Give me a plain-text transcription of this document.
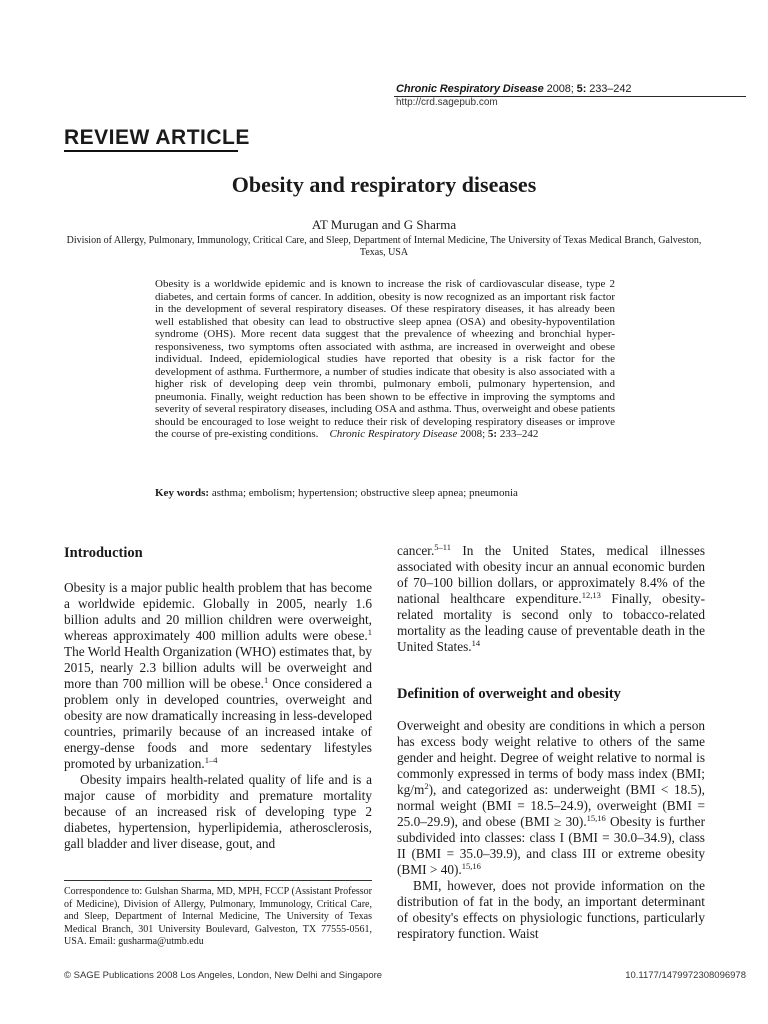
Chronic Respiratory Disease 2008; 5: 233–242
http://crd.sagepub.com
REVIEW ARTICLE
Obesity and respiratory diseases
AT Murugan and G Sharma
Division of Allergy, Pulmonary, Immunology, Critical Care, and Sleep, Department of Internal Medicine, The University of Texas Medical Branch, Galveston, Texas, USA
Obesity is a worldwide epidemic and is known to increase the risk of cardiovascular disease, type 2 diabetes, and certain forms of cancer. In addition, obesity is now recognized as an important risk factor in the development of several respiratory diseases. Of these respiratory diseases, it has already been well established that obesity can lead to obstructive sleep apnea (OSA) and obesity-hypoventilation syndrome (OHS). More recent data suggest that the prevalence of wheezing and bronchial hyper-responsiveness, two symptoms often associated with asthma, are increased in overweight and obese individual. Indeed, epidemiological studies have reported that obesity is a risk factor for the development of asthma. Furthermore, a number of studies indicate that obesity is also associated with a higher risk of developing deep vein thrombi, pulmonary emboli, pulmonary hypertension, and pneumonia. Finally, weight reduction has been shown to be effective in improving the symptoms and severity of several respiratory diseases, including OSA and asthma. Thus, overweight and obese patients should be encouraged to lose weight to reduce their risk of developing respiratory diseases or improve the course of pre-existing conditions. Chronic Respiratory Disease 2008; 5: 233–242
Key words: asthma; embolism; hypertension; obstructive sleep apnea; pneumonia
Introduction

Obesity is a major public health problem that has become a worldwide epidemic. Globally in 2005, nearly 1.6 billion adults and 20 million children were overweight, whereas approximately 400 million adults were obese.$^1$ The World Health Organization (WHO) estimates that, by 2015, nearly 2.3 billion adults will be overweight and more than 700 million will be obese.$^1$ Once considered a problem only in developed countries, overweight and obesity are now dramatically increasing in less-developed countries, primarily because of an increased intake of energy-dense foods and more sedentary lifestyles promoted by urbanization.$^{1-4}$

Obesity impairs health-related quality of life and is a major cause of morbidity and premature mortality because of an increased risk of developing type 2 diabetes, hypertension, hyperlipidemia, atherosclerosis, gall bladder and liver disease, gout, and

Correspondence to: Gulshan Sharma, MD, MPH, FCCP (Assistant Professor of Medicine), Division of Allergy, Pulmonary, Immunology, Critical Care, and Sleep, Department of Internal Medicine, The University of Texas Medical Branch, 301 University Boulevard, Galveston, TX 77555-0561, USA. Email: gusharma@utmb.edu

cancer.$^{5-11}$ In the United States, medical illnesses associated with obesity incur an annual economic burden of 70–100 billion dollars, or approximately 8.4% of the national healthcare expenditure.$^{12,13}$ Finally, obesity-related mortality is second only to tobacco-related mortality as the leading cause of preventable death in the United States.$^{14}$

Definition of overweight and obesity

Overweight and obesity are conditions in which a person has excess body weight relative to others of the same gender and height. Degree of weight relative to normal is commonly expressed in terms of body mass index (BMI; $kg/m^2$), and categorized as: underweight (BMI < 18.5), normal weight (BMI = 18.5–24.9), overweight (BMI = 25.0–29.9), and obese (BMI ≥ 30).$^{15,16}$ Obesity is further subdivided into classes: class I (BMI = 30.0–34.9), class II (BMI = 35.0–39.9), and class III or extreme obesity (BMI > 40).$^{15,16}$

BMI, however, does not provide information on the distribution of fat in the body, an important determinant of obesity's effects on physiologic functions, particularly respiratory function. Waist

© SAGE Publications 2008 Los Angeles, London, New Delhi and Singapore	10.1177/1479972308096978
